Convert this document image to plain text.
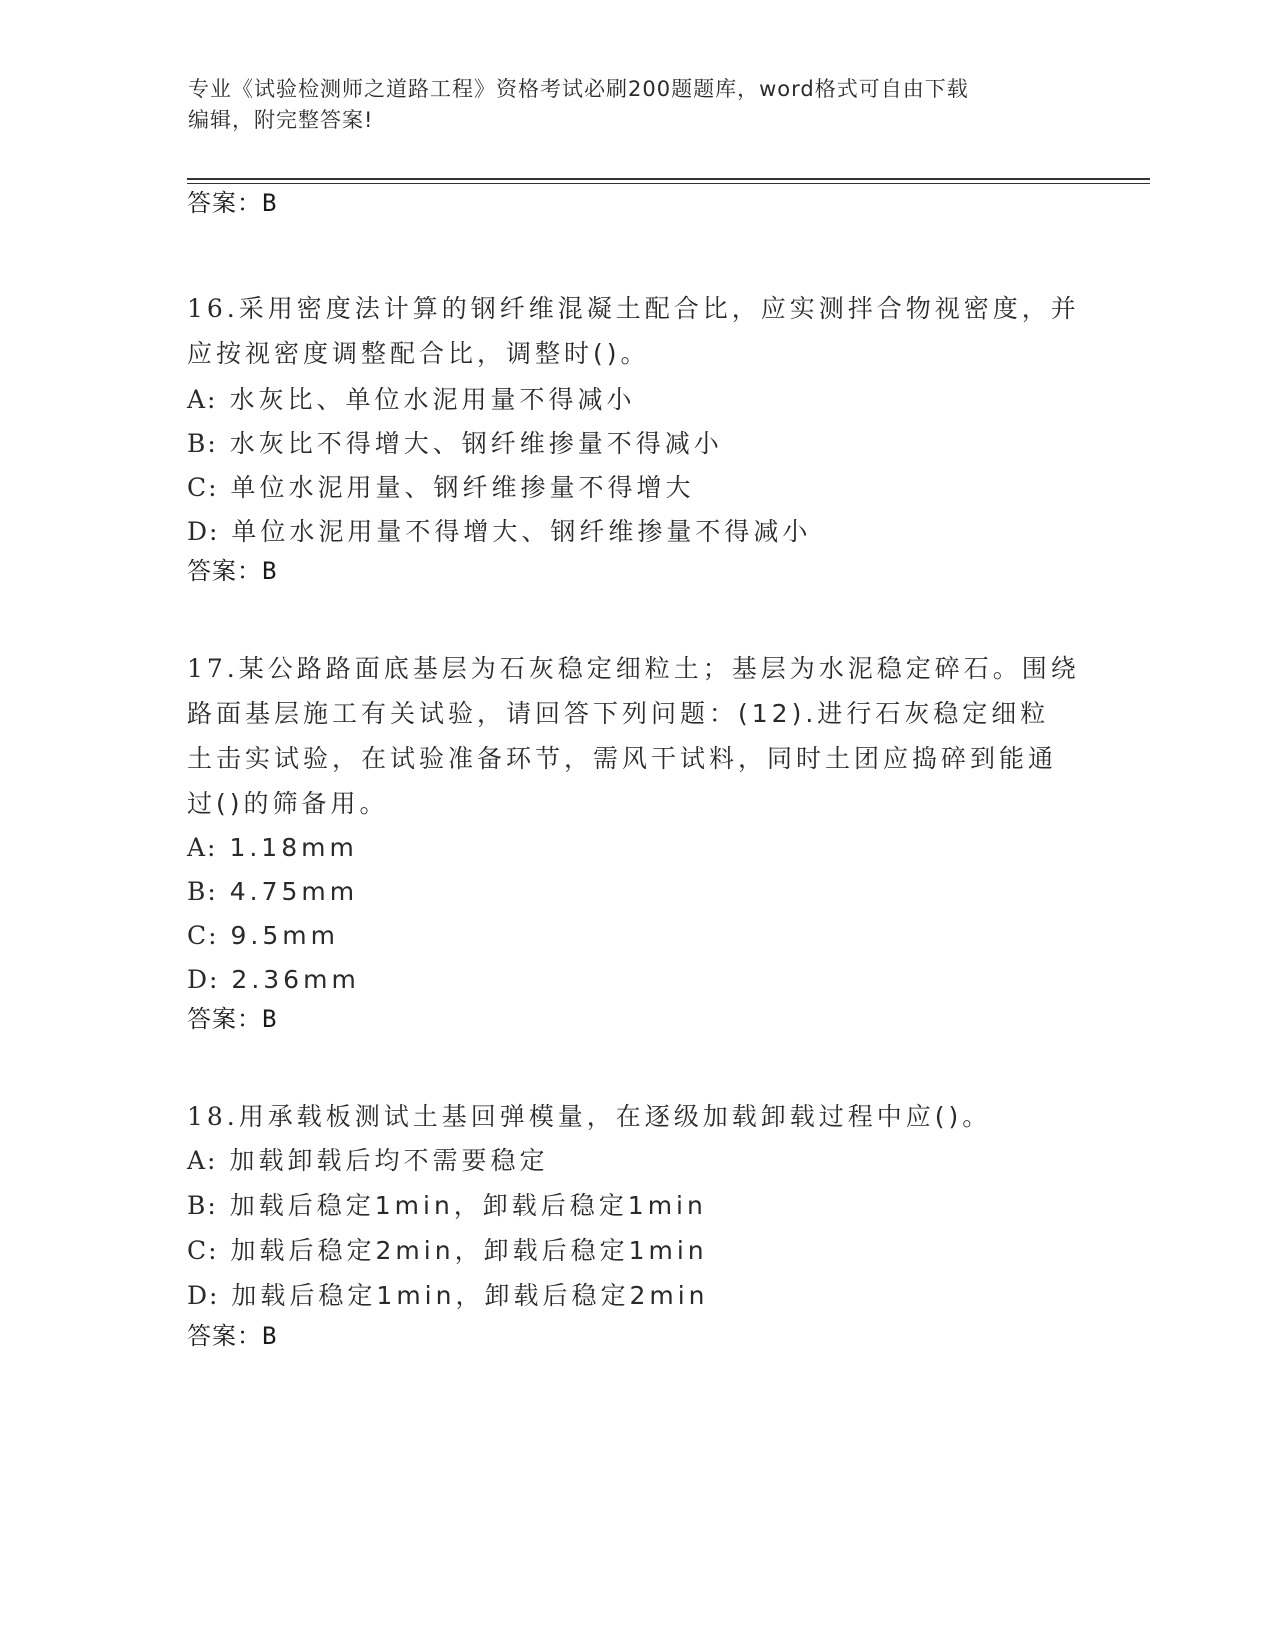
专业《试验检测师之道路工程》资格考试必刷200题题库，word格式可自由下载
编辑，附完整答案!
答案：B
16.采用密度法计算的钢纤维混凝土配合比，应实测拌合物视密度，并
应按视密度调整配合比，调整时()。
A: 水灰比、单位水泥用量不得减小
B: 水灰比不得增大、钢纤维掺量不得减小
C: 单位水泥用量、钢纤维掺量不得增大
D: 单位水泥用量不得增大、钢纤维掺量不得减小
答案：B
17.某公路路面底基层为石灰稳定细粒土；基层为水泥稳定碎石。围绕
路面基层施工有关试验，请回答下列问题：(12).进行石灰稳定细粒
土击实试验，在试验准备环节，需风干试料，同时土团应捣碎到能通
过()的筛备用。
A: 1.18mm
B: 4.75mm
C: 9.5mm
D: 2.36mm
答案：B
18.用承载板测试土基回弹模量，在逐级加载卸载过程中应()。
A: 加载卸载后均不需要稳定
B: 加载后稳定1min，卸载后稳定1min
C: 加载后稳定2min，卸载后稳定1min
D: 加载后稳定1min，卸载后稳定2min
答案：B
